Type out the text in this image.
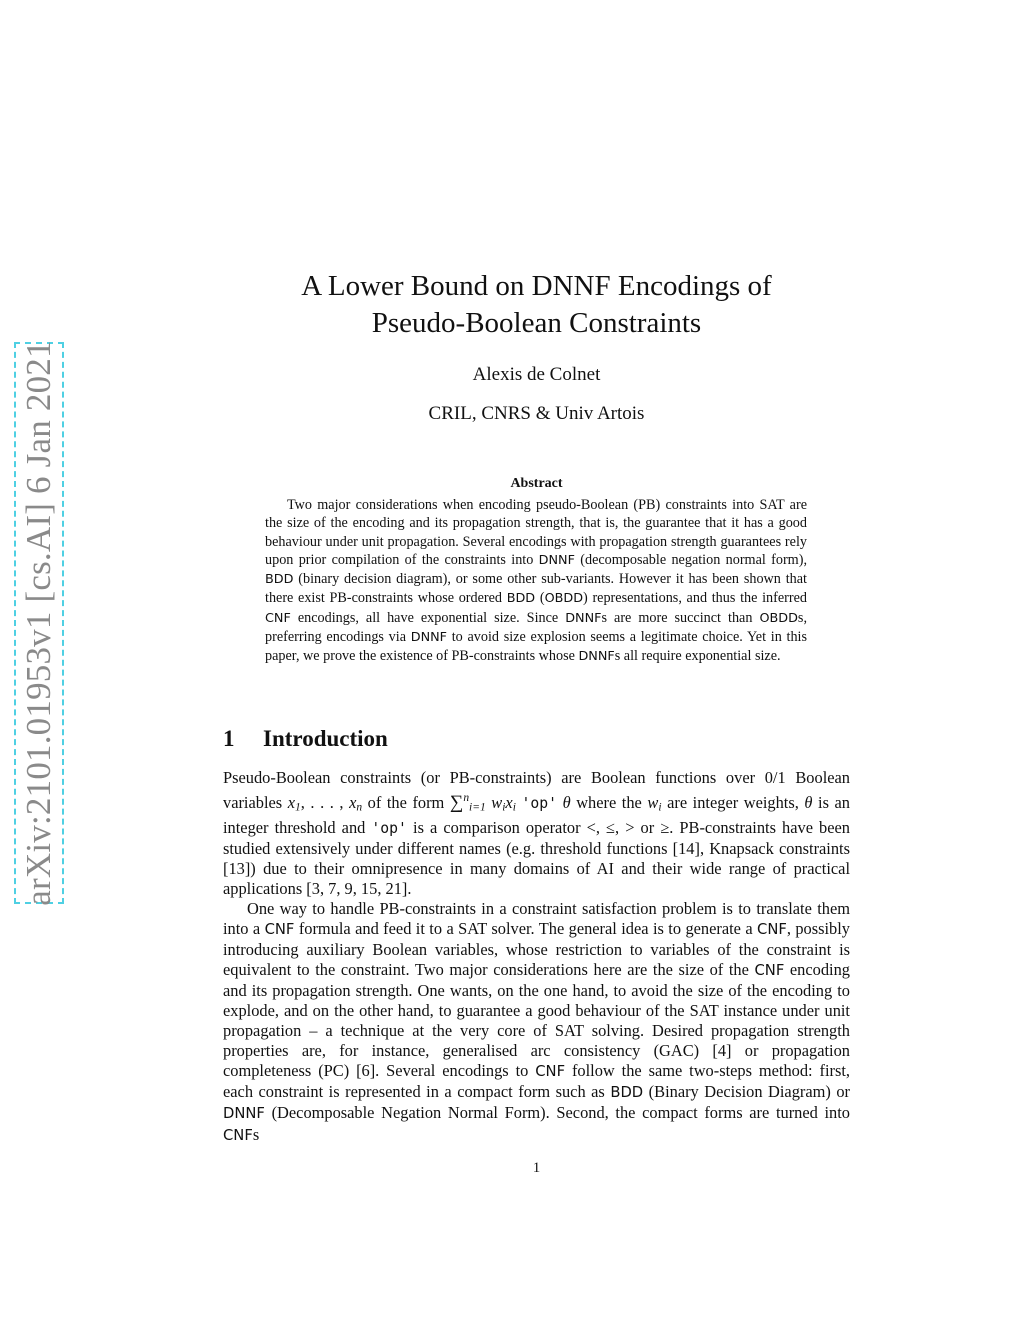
arXiv:2101.01953v1 [cs.AI] 6 Jan 2021
A Lower Bound on DNNF Encodings of
Pseudo-Boolean Constraints
Alexis de Colnet
CRIL, CNRS & Univ Artois
Abstract

Two major considerations when encoding pseudo-Boolean (PB) constraints into SAT are the size of the encoding and its propagation strength, that is, the guarantee that it has a good behaviour under unit propagation. Several encodings with propagation strength guarantees rely upon prior compilation of the constraints into DNNF (decomposable negation normal form), BDD (binary decision diagram), or some other sub-variants. However it has been shown that there exist PB-constraints whose ordered BDD (OBDD) representations, and thus the inferred CNF encodings, all have exponential size. Since DNNFs are more succinct than OBDDs, preferring encodings via DNNF to avoid size explosion seems a legitimate choice. Yet in this paper, we prove the existence of PB-constraints whose DNNFs all require exponential size.

1 Introduction

Pseudo-Boolean constraints (or PB-constraints) are Boolean functions over 0/1 Boolean variables $x_1$, . . . , $x_n$ of the form ∑$^n_{i=1}$ $w_ix_i$ 'op' θ where the $w_i$ are integer weights, θ is an integer threshold and 'op' is a comparison operator <, ≤, > or ≥. PB-constraints have been studied extensively under different names (e.g. threshold functions [14], Knapsack constraints [13]) due to their omnipresence in many domains of AI and their wide range of practical applications [3, 7, 9, 15, 21].

One way to handle PB-constraints in a constraint satisfaction problem is to translate them into a CNF formula and feed it to a SAT solver. The general idea is to generate a CNF, possibly introducing auxiliary Boolean variables, whose restriction to variables of the constraint is equivalent to the constraint. Two major considerations here are the size of the CNF encoding and its propagation strength. One wants, on the one hand, to avoid the size of the encoding to explode, and on the other hand, to guarantee a good behaviour of the SAT instance under unit propagation – a technique at the very core of SAT solving. Desired propagation strength properties are, for instance, generalised arc consistency (GAC) [4] or propagation completeness (PC) [6]. Several encodings to CNF follow the same two-steps method: first, each constraint is represented in a compact form such as BDD (Binary Decision Diagram) or DNNF (Decomposable Negation Normal Form). Second, the compact forms are turned into CNFs

1
